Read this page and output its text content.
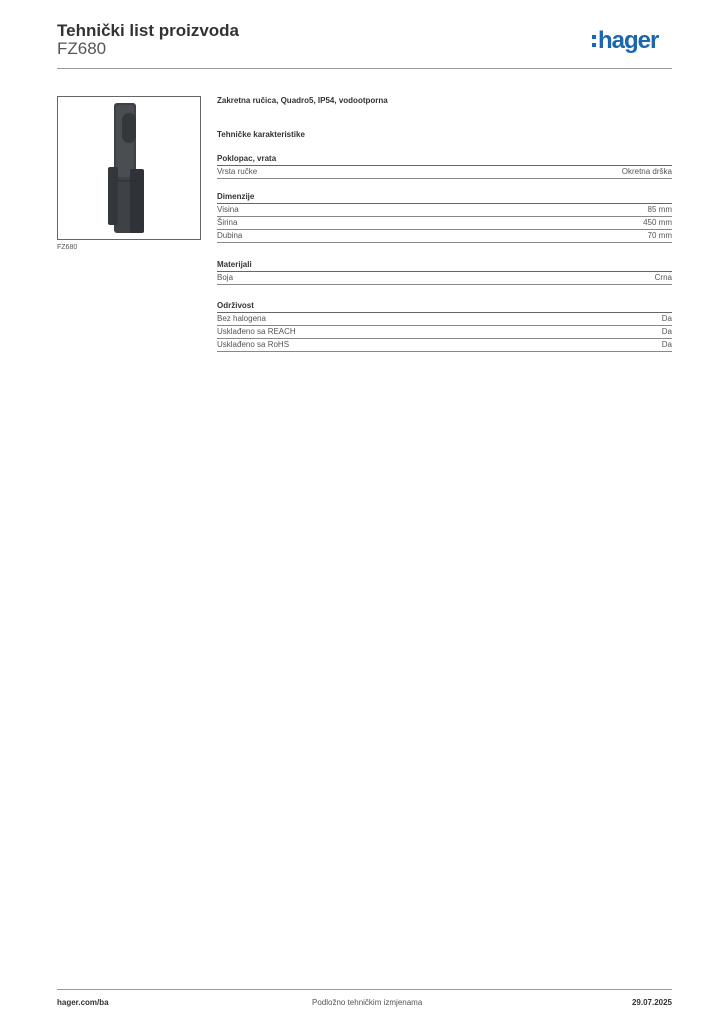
Tehnički list proizvoda
FZ680	hager
FZ680
Zakretna ručica, Quadro5, IP54, vodootporna
Tehničke karakteristike
Poklopac, vrata
Vrsta ručke	Okretna drška
Dimenzije
Visina	85 mm
Širina	450 mm
Dubina	70 mm
Materijali
Boja	Crna
Održivost
Bez halogena	Da
Usklađeno sa REACH	Da
Usklađeno sa RoHS	Da
hager.com/ba	Podložno tehničkim izmjenama	29.07.2025
